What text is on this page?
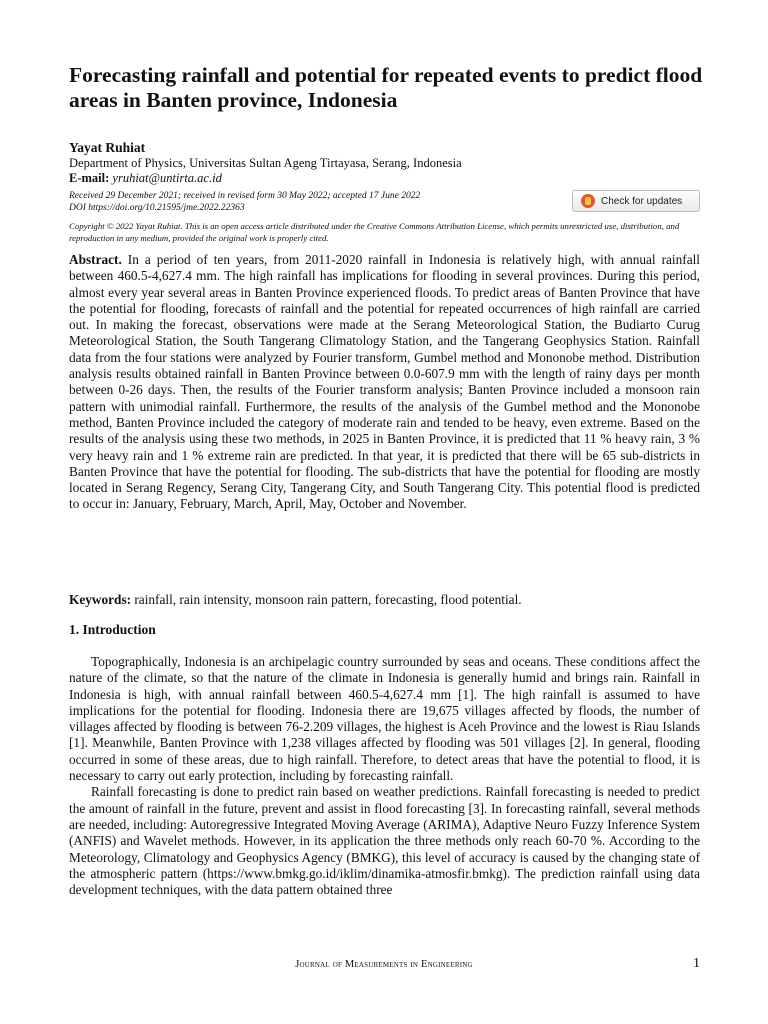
Forecasting rainfall and potential for repeated events to predict flood areas in Banten province, Indonesia
Yayat Ruhiat
Department of Physics, Universitas Sultan Ageng Tirtayasa, Serang, Indonesia
E-mail: yruhiat@untirta.ac.id
Received 29 December 2021; received in revised form 30 May 2022; accepted 17 June 2022
DOI https://doi.org/10.21595/jme.2022.22363
Check for updates
Copyright © 2022 Yayat Ruhiat. This is an open access article distributed under the Creative Commons Attribution License, which permits unrestricted use, distribution, and reproduction in any medium, provided the original work is properly cited.

Abstract. In a period of ten years, from 2011-2020 rainfall in Indonesia is relatively high, with annual rainfall between 460.5-4,627.4 mm. The high rainfall has implications for flooding in several provinces. During this period, almost every year several areas in Banten Province experienced floods. To predict areas of Banten Province that have the potential for flooding, forecasts of rainfall and the potential for repeated occurrences of high rainfall are carried out. In making the forecast, observations were made at the Serang Meteorological Station, the Budiarto Curug Meteorological Station, the South Tangerang Climatology Station, and the Tangerang Geophysics Station. Rainfall data from the four stations were analyzed by Fourier transform, Gumbel method and Mononobe method. Distribution analysis results obtained rainfall in Banten Province between 0.0-607.9 mm with the length of rainy days per month between 0-26 days. Then, the results of the Fourier transform analysis; Banten Province included a monsoon rain pattern with unimodial rainfall. Furthermore, the results of the analysis of the Gumbel method and the Mononobe method, Banten Province included the category of moderate rain and tended to be heavy, even extreme. Based on the results of the analysis using these two methods, in 2025 in Banten Province, it is predicted that 11 % heavy rain, 3 % very heavy rain and 1 % extreme rain are predicted. In that year, it is predicted that there will be 65 sub-districts in Banten Province that have the potential for flooding. The sub-districts that have the potential for flooding are mostly located in Serang Regency, Serang City, Tangerang City, and South Tangerang City. This potential flood is predicted to occur in: January, February, March, April, May, October and November.

Keywords: rainfall, rain intensity, monsoon rain pattern, forecasting, flood potential.

1. Introduction

Topographically, Indonesia is an archipelagic country surrounded by seas and oceans. These conditions affect the nature of the climate, so that the nature of the climate in Indonesia is generally humid and brings rain. Rainfall in Indonesia is high, with annual rainfall between 460.5-4,627.4 mm [1]. The high rainfall is assumed to have implications for the potential for flooding. Indonesia there are 19,675 villages affected by floods, the number of villages affected by flooding is between 76-2.209 villages, the highest is Aceh Province and the lowest is Riau Islands [1]. Meanwhile, Banten Province with 1,238 villages affected by flooding was 501 villages [2]. In general, flooding occurred in some of these areas, due to high rainfall. Therefore, to detect areas that have the potential to flood, it is necessary to carry out early protection, including by forecasting rainfall.

Rainfall forecasting is done to predict rain based on weather predictions. Rainfall forecasting is needed to predict the amount of rainfall in the future, prevent and assist in flood forecasting [3]. In forecasting rainfall, several methods are needed, including: Autoregressive Integrated Moving Average (ARIMA), Adaptive Neuro Fuzzy Inference System (ANFIS) and Wavelet methods. However, in its application the three methods only reach 60-70 %. According to the Meteorology, Climatology and Geophysics Agency (BMKG), this level of accuracy is caused by the changing state of the atmospheric pattern (https://www.bmkg.go.id/iklim/dinamika-atmosfir.bmkg). The prediction rainfall using data development techniques, with the data pattern obtained three

Journal of Measurements in Engineering	1
